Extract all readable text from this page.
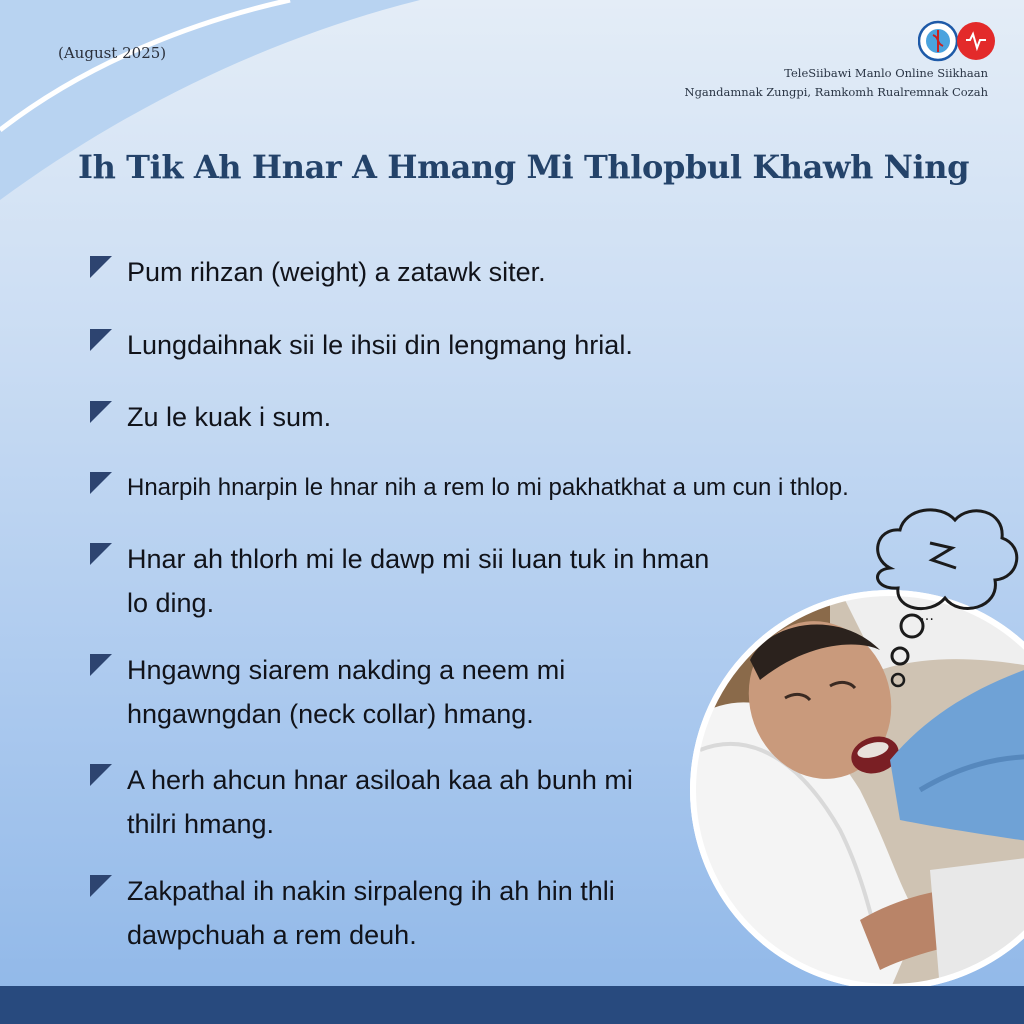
(August 2025)
TeleSiibawi Manlo Online Siikhaan
Ngandamnak Zungpi, Ramkomh Rualremnak Cozah
Ih Tik Ah Hnar A Hmang Mi Thlopbul Khawh Ning
Pum rihzan (weight) a zatawk siter.
Lungdaihnak sii le ihsii din lengmang hrial.
Zu le kuak i sum.
Hnarpih hnarpin le hnar nih a rem lo mi pakhatkhat a um cun i thlop.
Hnar ah thlorh mi le dawp mi sii luan tuk in hman lo ding.
Hngawng siarem nakding a neem mi hngawngdan (neck collar) hmang.
A herh ahcun hnar asiloah kaa ah bunh mi thilri hmang.
Zakpathal ih nakin sirpaleng ih ah hin thli dawpchuah a rem deuh.
…
